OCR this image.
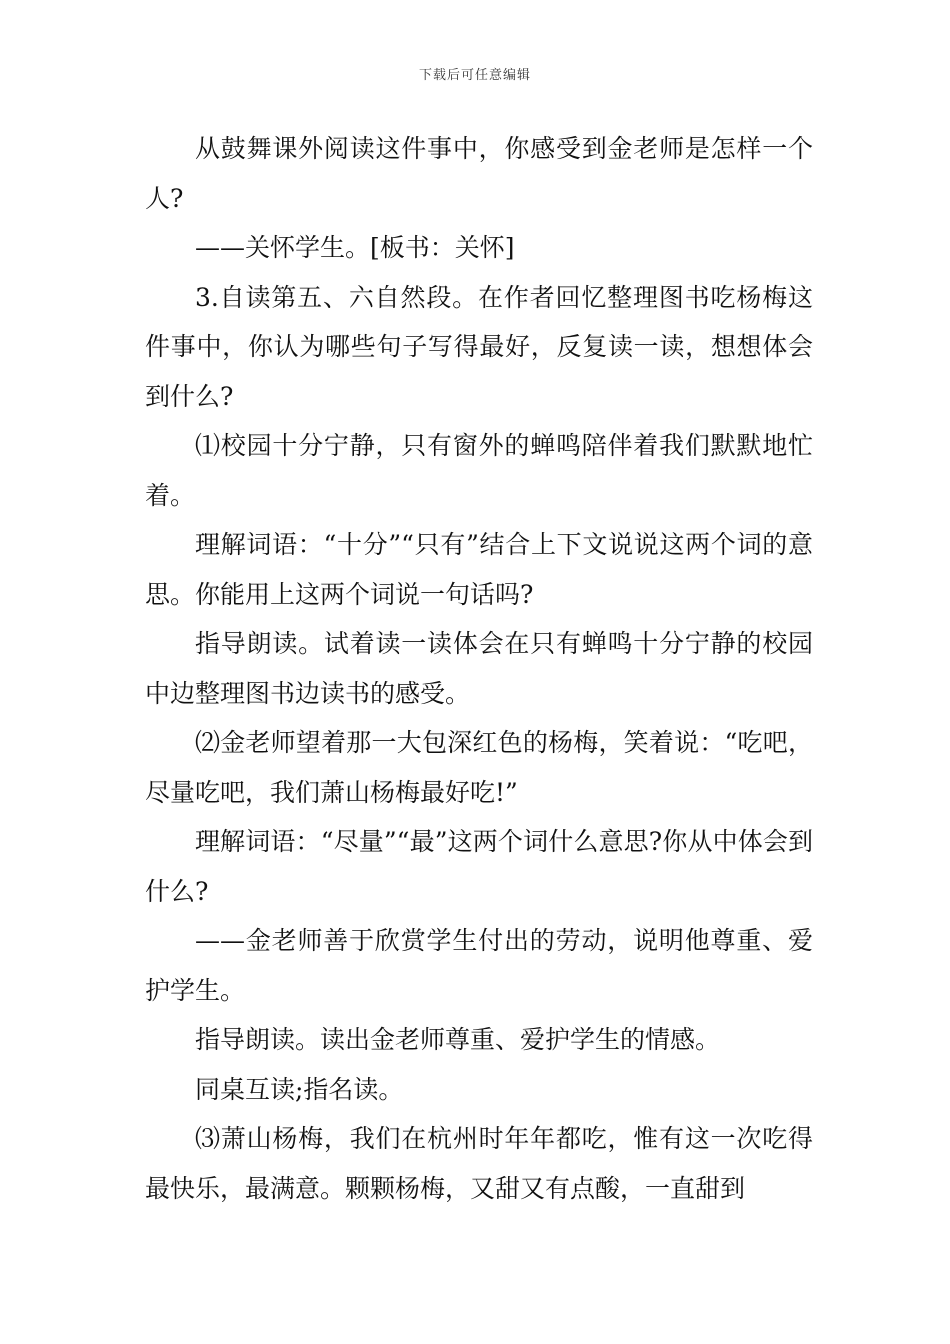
下载后可任意编辑

从鼓舞课外阅读这件事中，你感受到金老师是怎样一个人?

——关怀学生。[板书：关怀]

3.自读第五、六自然段。在作者回忆整理图书吃杨梅这件事中，你认为哪些句子写得最好，反复读一读，想想体会到什么?

⑴校园十分宁静，只有窗外的蝉鸣陪伴着我们默默地忙着。

理解词语：“十分”“只有”结合上下文说说这两个词的意思。你能用上这两个词说一句话吗?

指导朗读。试着读一读体会在只有蝉鸣十分宁静的校园中边整理图书边读书的感受。

⑵金老师望着那一大包深红色的杨梅，笑着说：“吃吧，尽量吃吧，我们萧山杨梅最好吃!”

理解词语：“尽量”“最”这两个词什么意思?你从中体会到什么?

——金老师善于欣赏学生付出的劳动，说明他尊重、爱护学生。

指导朗读。读出金老师尊重、爱护学生的情感。

同桌互读;指名读。

⑶萧山杨梅，我们在杭州时年年都吃，惟有这一次吃得最快乐，最满意。颗颗杨梅，又甜又有点酸，一直甜到
